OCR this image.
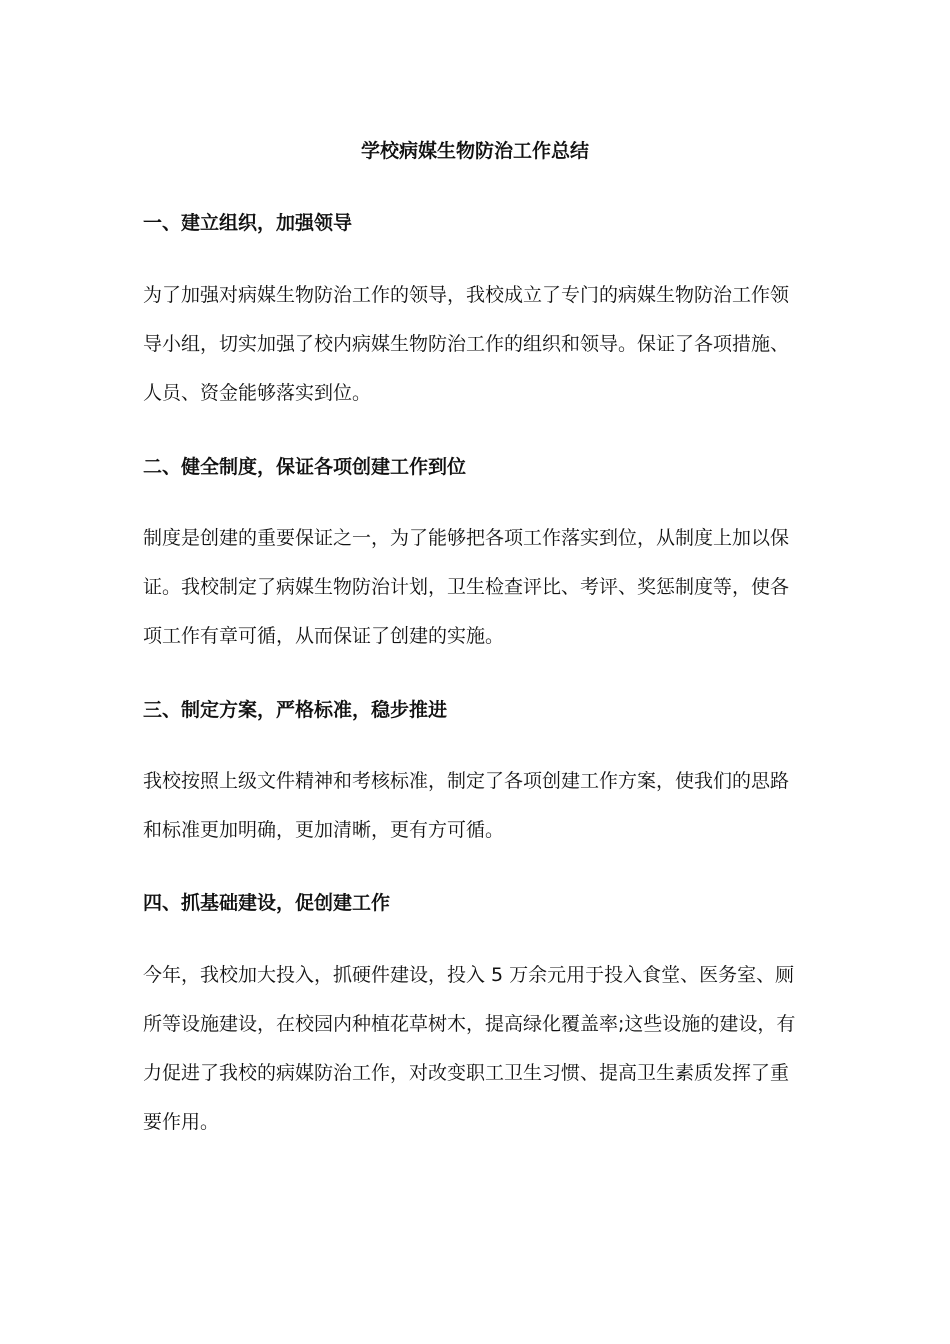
学校病媒生物防治工作总结
一、建立组织，加强领导

为了加强对病媒生物防治工作的领导，我校成立了专门的病媒生物防治工作领
导小组，切实加强了校内病媒生物防治工作的组织和领导。保证了各项措施、
人员、资金能够落实到位。

二、健全制度，保证各项创建工作到位

制度是创建的重要保证之一，为了能够把各项工作落实到位，从制度上加以保
证。我校制定了病媒生物防治计划，卫生检查评比、考评、奖惩制度等，使各
项工作有章可循，从而保证了创建的实施。

三、制定方案，严格标准，稳步推进

我校按照上级文件精神和考核标准，制定了各项创建工作方案，使我们的思路
和标准更加明确，更加清晰，更有方可循。

四、抓基础建设，促创建工作

今年，我校加大投入，抓硬件建设，投入 5 万余元用于投入食堂、医务室、厕
所等设施建设，在校园内种植花草树木，提高绿化覆盖率;这些设施的建设，有
力促进了我校的病媒防治工作，对改变职工卫生习惯、提高卫生素质发挥了重
要作用。
